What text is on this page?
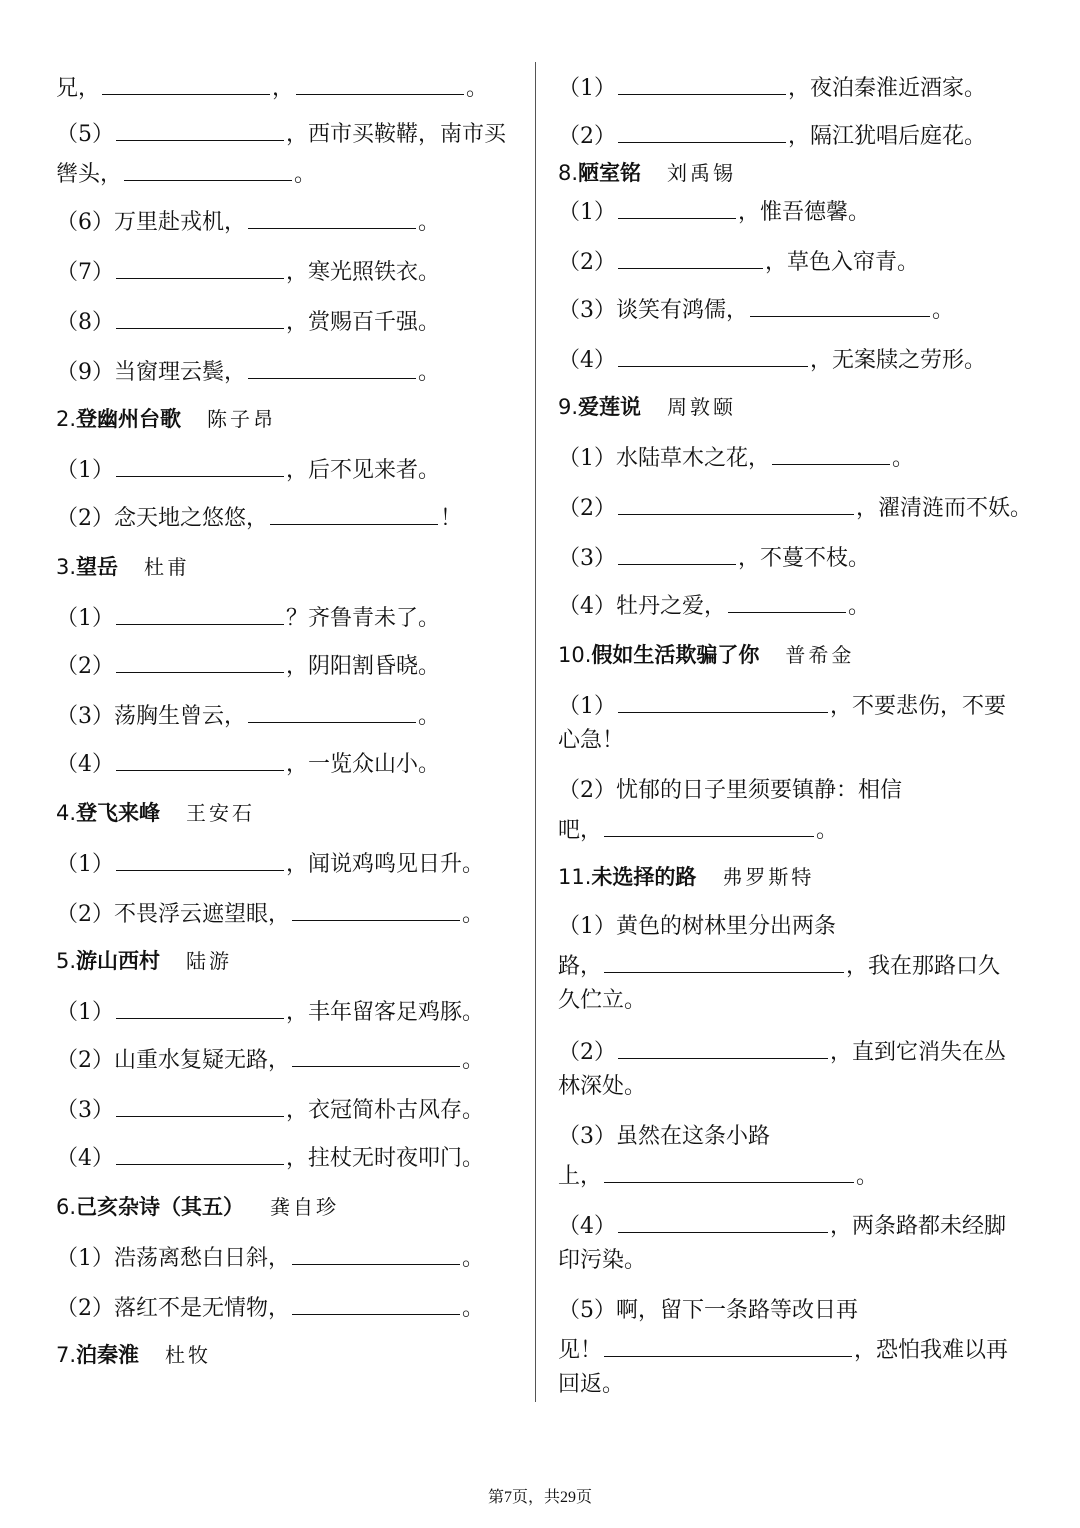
兄，	，	。
（5）	，西市买鞍鞯，南市买
辔头，	。
（6）万里赴戎机，	。
（7）	，寒光照铁衣。
（8）	，赏赐百千强。
（9）当窗理云鬓，	。
2.登幽州台歌 陈子昂
（1）	，后不见来者。
（2）念天地之悠悠，	！
3.望岳 杜甫
（1）	？齐鲁青未了。
（2）	，阴阳割昏晓。
（3）荡胸生曾云，	。
（4）	，一览众山小。
4.登飞来峰 王安石
（1）	，闻说鸡鸣见日升。
（2）不畏浮云遮望眼，	。
5.游山西村 陆游
（1）	，丰年留客足鸡豚。
（2）山重水复疑无路，	。
（3）	，衣冠简朴古风存。
（4）	，拄杖无时夜叩门。
6.己亥杂诗（其五） 龚自珍
（1）浩荡离愁白日斜，	。
（2）落红不是无情物，	。
7.泊秦淮 杜牧
（1）	，夜泊秦淮近酒家。
（2）	，隔江犹唱后庭花。
8.陋室铭 刘禹锡
（1）	，惟吾德馨。
（2）	，草色入帘青。
（3）谈笑有鸿儒，	。
（4）	，无案牍之劳形。
9.爱莲说 周敦颐
（1）水陆草木之花，	。
（2）	，濯清涟而不妖。
（3）	，不蔓不枝。
（4）牡丹之爱，	。
10.假如生活欺骗了你 普希金
（1）	，不要悲伤，不要
心急！
（2）忧郁的日子里须要镇静：相信
吧，	。
11.未选择的路 弗罗斯特
（1）黄色的树林里分出两条
路，	，我在那路口久
久伫立。
（2）	，直到它消失在丛
林深处。
（3）虽然在这条小路
上，	。
（4）	，两条路都未经脚
印污染。
（5）啊，留下一条路等改日再
见！	，恐怕我难以再
回返。
第7页，共29页
